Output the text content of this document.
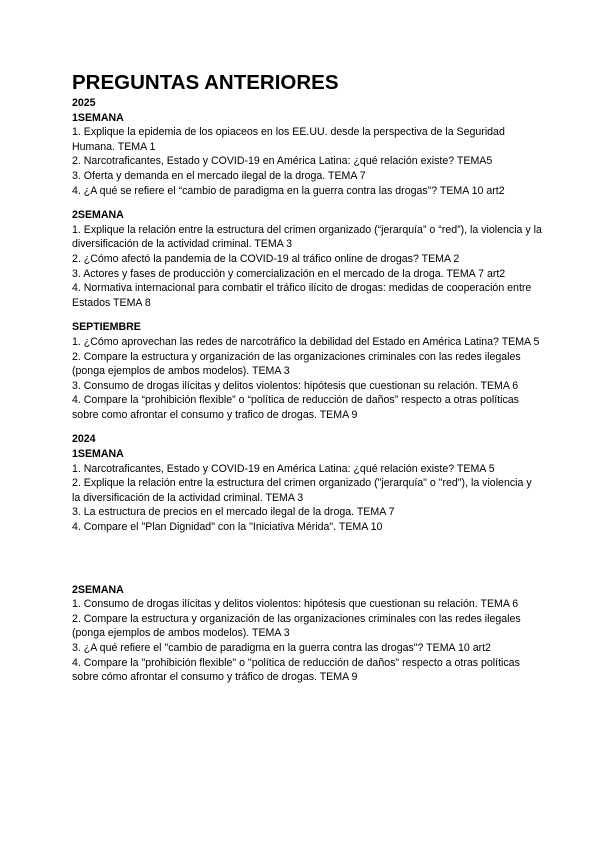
PREGUNTAS ANTERIORES
2025
1SEMANA

1. Explique la epidemia de los opiaceos en los EE.UU. desde la perspectiva de la Seguridad Humana. TEMA 1

2. Narcotraficantes, Estado y COVID-19 en América Latina: ¿qué relación existe? TEMA5

3. Oferta y demanda en el mercado ilegal de la droga. TEMA 7

4. ¿A qué se refiere el “cambio de paradigma en la guerra contra las drogas”? TEMA 10 art2

2SEMANA

1. Explique la relación entre la estructura del crimen organizado (“jerarquía” o “red”), la violencia y la diversificación de la actividad criminal. TEMA 3

2. ¿Cómo afectó la pandemia de la COVID-19 al tráfico online de drogas? TEMA 2

3. Actores y fases de producción y comercialización en el mercado de la droga. TEMA 7 art2

4. Normativa internacional para combatir el tráfico ilícito de drogas: medidas de cooperación entre Estados TEMA 8

SEPTIEMBRE

1. ¿Cómo aprovechan las redes de narcotráfico la debilidad del Estado en América Latina? TEMA 5

2. Compare la estructura y organización de las organizaciones criminales con las redes ilegales (ponga ejemplos de ambos modelos). TEMA 3

3. Consumo de drogas ilícitas y delitos violentos: hipótesis que cuestionan su relación. TEMA 6

4. Compare la “prohibición flexible” o “política de reducción de daños” respecto a otras políticas sobre como afrontar el consumo y trafico de drogas. TEMA 9

2024
1SEMANA

1. Narcotraficantes, Estado y COVID-19 en América Latina: ¿qué relación existe? TEMA 5

2. Explique la relación entre la estructura del crimen organizado ("jerarquía" o "red"), la violencia y la diversificación de la actividad criminal. TEMA 3

3. La estructura de precios en el mercado ilegal de la droga. TEMA 7

4. Compare el "Plan Dignidad" con la "Iniciativa Mérida". TEMA 10

2SEMANA

1. Consumo de drogas ilícitas y delitos violentos: hipótesis que cuestionan su relación. TEMA 6

2. Compare la estructura y organización de las organizaciones criminales con las redes ilegales (ponga ejemplos de ambos modelos). TEMA 3

3. ¿A qué refiere el "cambio de paradigma en la guerra contra las drogas"? TEMA 10 art2

4. Compare la "prohibición flexible" o "política de reducción de daños" respecto a otras políticas sobre cómo afrontar el consumo y tráfico de drogas. TEMA 9
